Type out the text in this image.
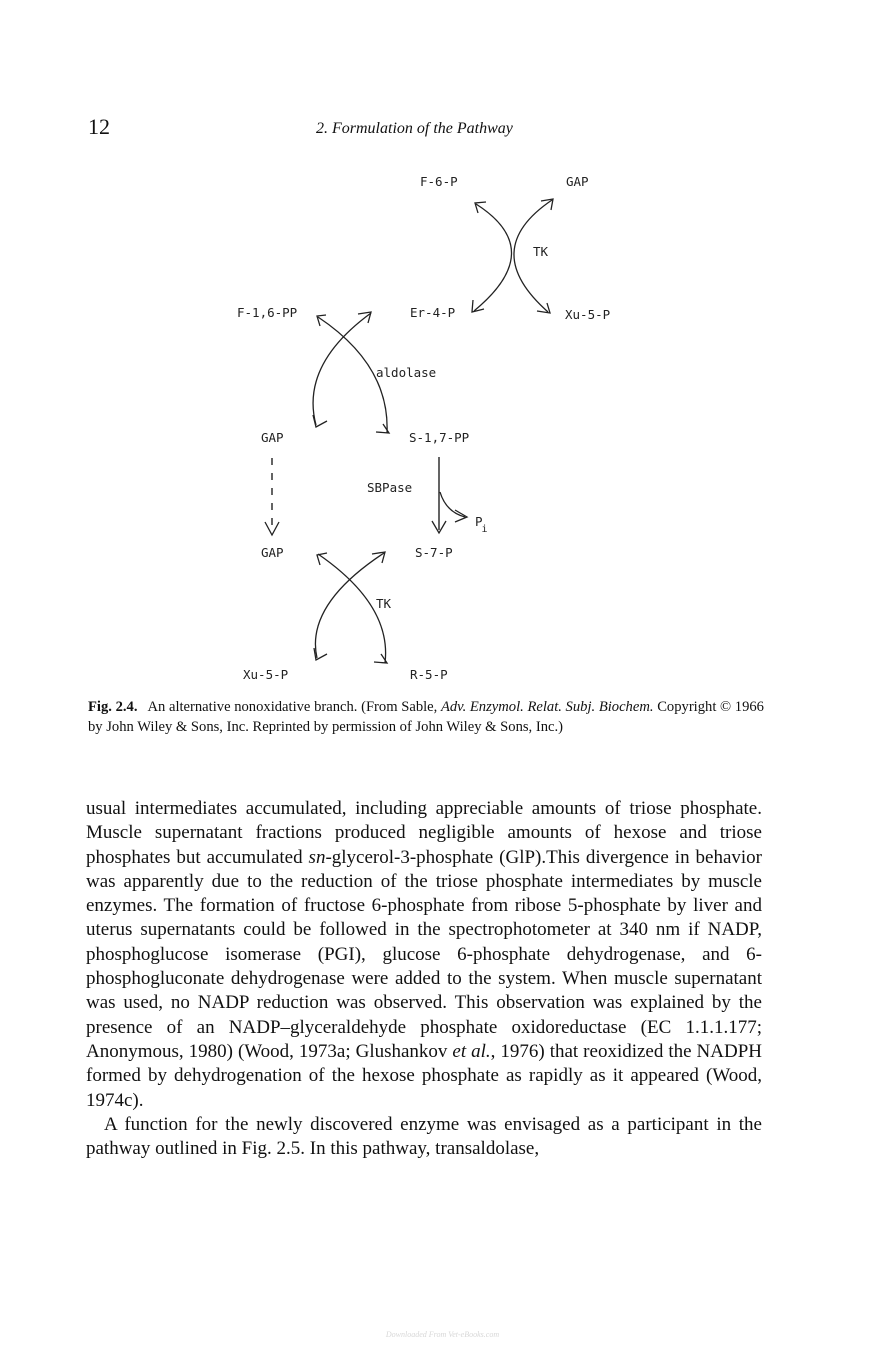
12	2. Formulation of the Pathway
F-6-P	GAP
TK
F-1,6-PP	Er-4-P	Xu-5-P
aldolase
GAP	S-1,7-PP
SBPase
Pi
GAP	S-7-P
TK
Xu-5-P	R-5-P
Fig. 2.4. An alternative nonoxidative branch. (From Sable, Adv. Enzymol. Relat. Subj. Biochem. Copyright © 1966 by John Wiley & Sons, Inc. Reprinted by permission of John Wiley & Sons, Inc.)

usual intermediates accumulated, including appreciable amounts of triose phosphate. Muscle supernatant fractions produced negligible amounts of hexose and triose phosphates but accumulated sn-glycerol-3-phosphate (GlP).This divergence in behavior was apparently due to the reduction of the triose phosphate intermediates by muscle enzymes. The formation of fructose 6-phosphate from ribose 5-phosphate by liver and uterus supernatants could be followed in the spectrophotometer at 340 nm if NADP, phosphoglucose isomerase (PGI), glucose 6-phosphate dehydrogenase, and 6-phosphogluconate dehydrogenase were added to the system. When muscle supernatant was used, no NADP reduction was observed. This observation was explained by the presence of an NADP–glyceraldehyde phosphate oxidoreductase (EC 1.1.1.177; Anonymous, 1980) (Wood, 1973a; Glushankov et al., 1976) that reoxidized the NADPH formed by dehydrogenation of the hexose phosphate as rapidly as it appeared (Wood, 1974c).

A function for the newly discovered enzyme was envisaged as a participant in the pathway outlined in Fig. 2.5. In this pathway, transaldolase,

Downloaded From Vet-eBooks.com
